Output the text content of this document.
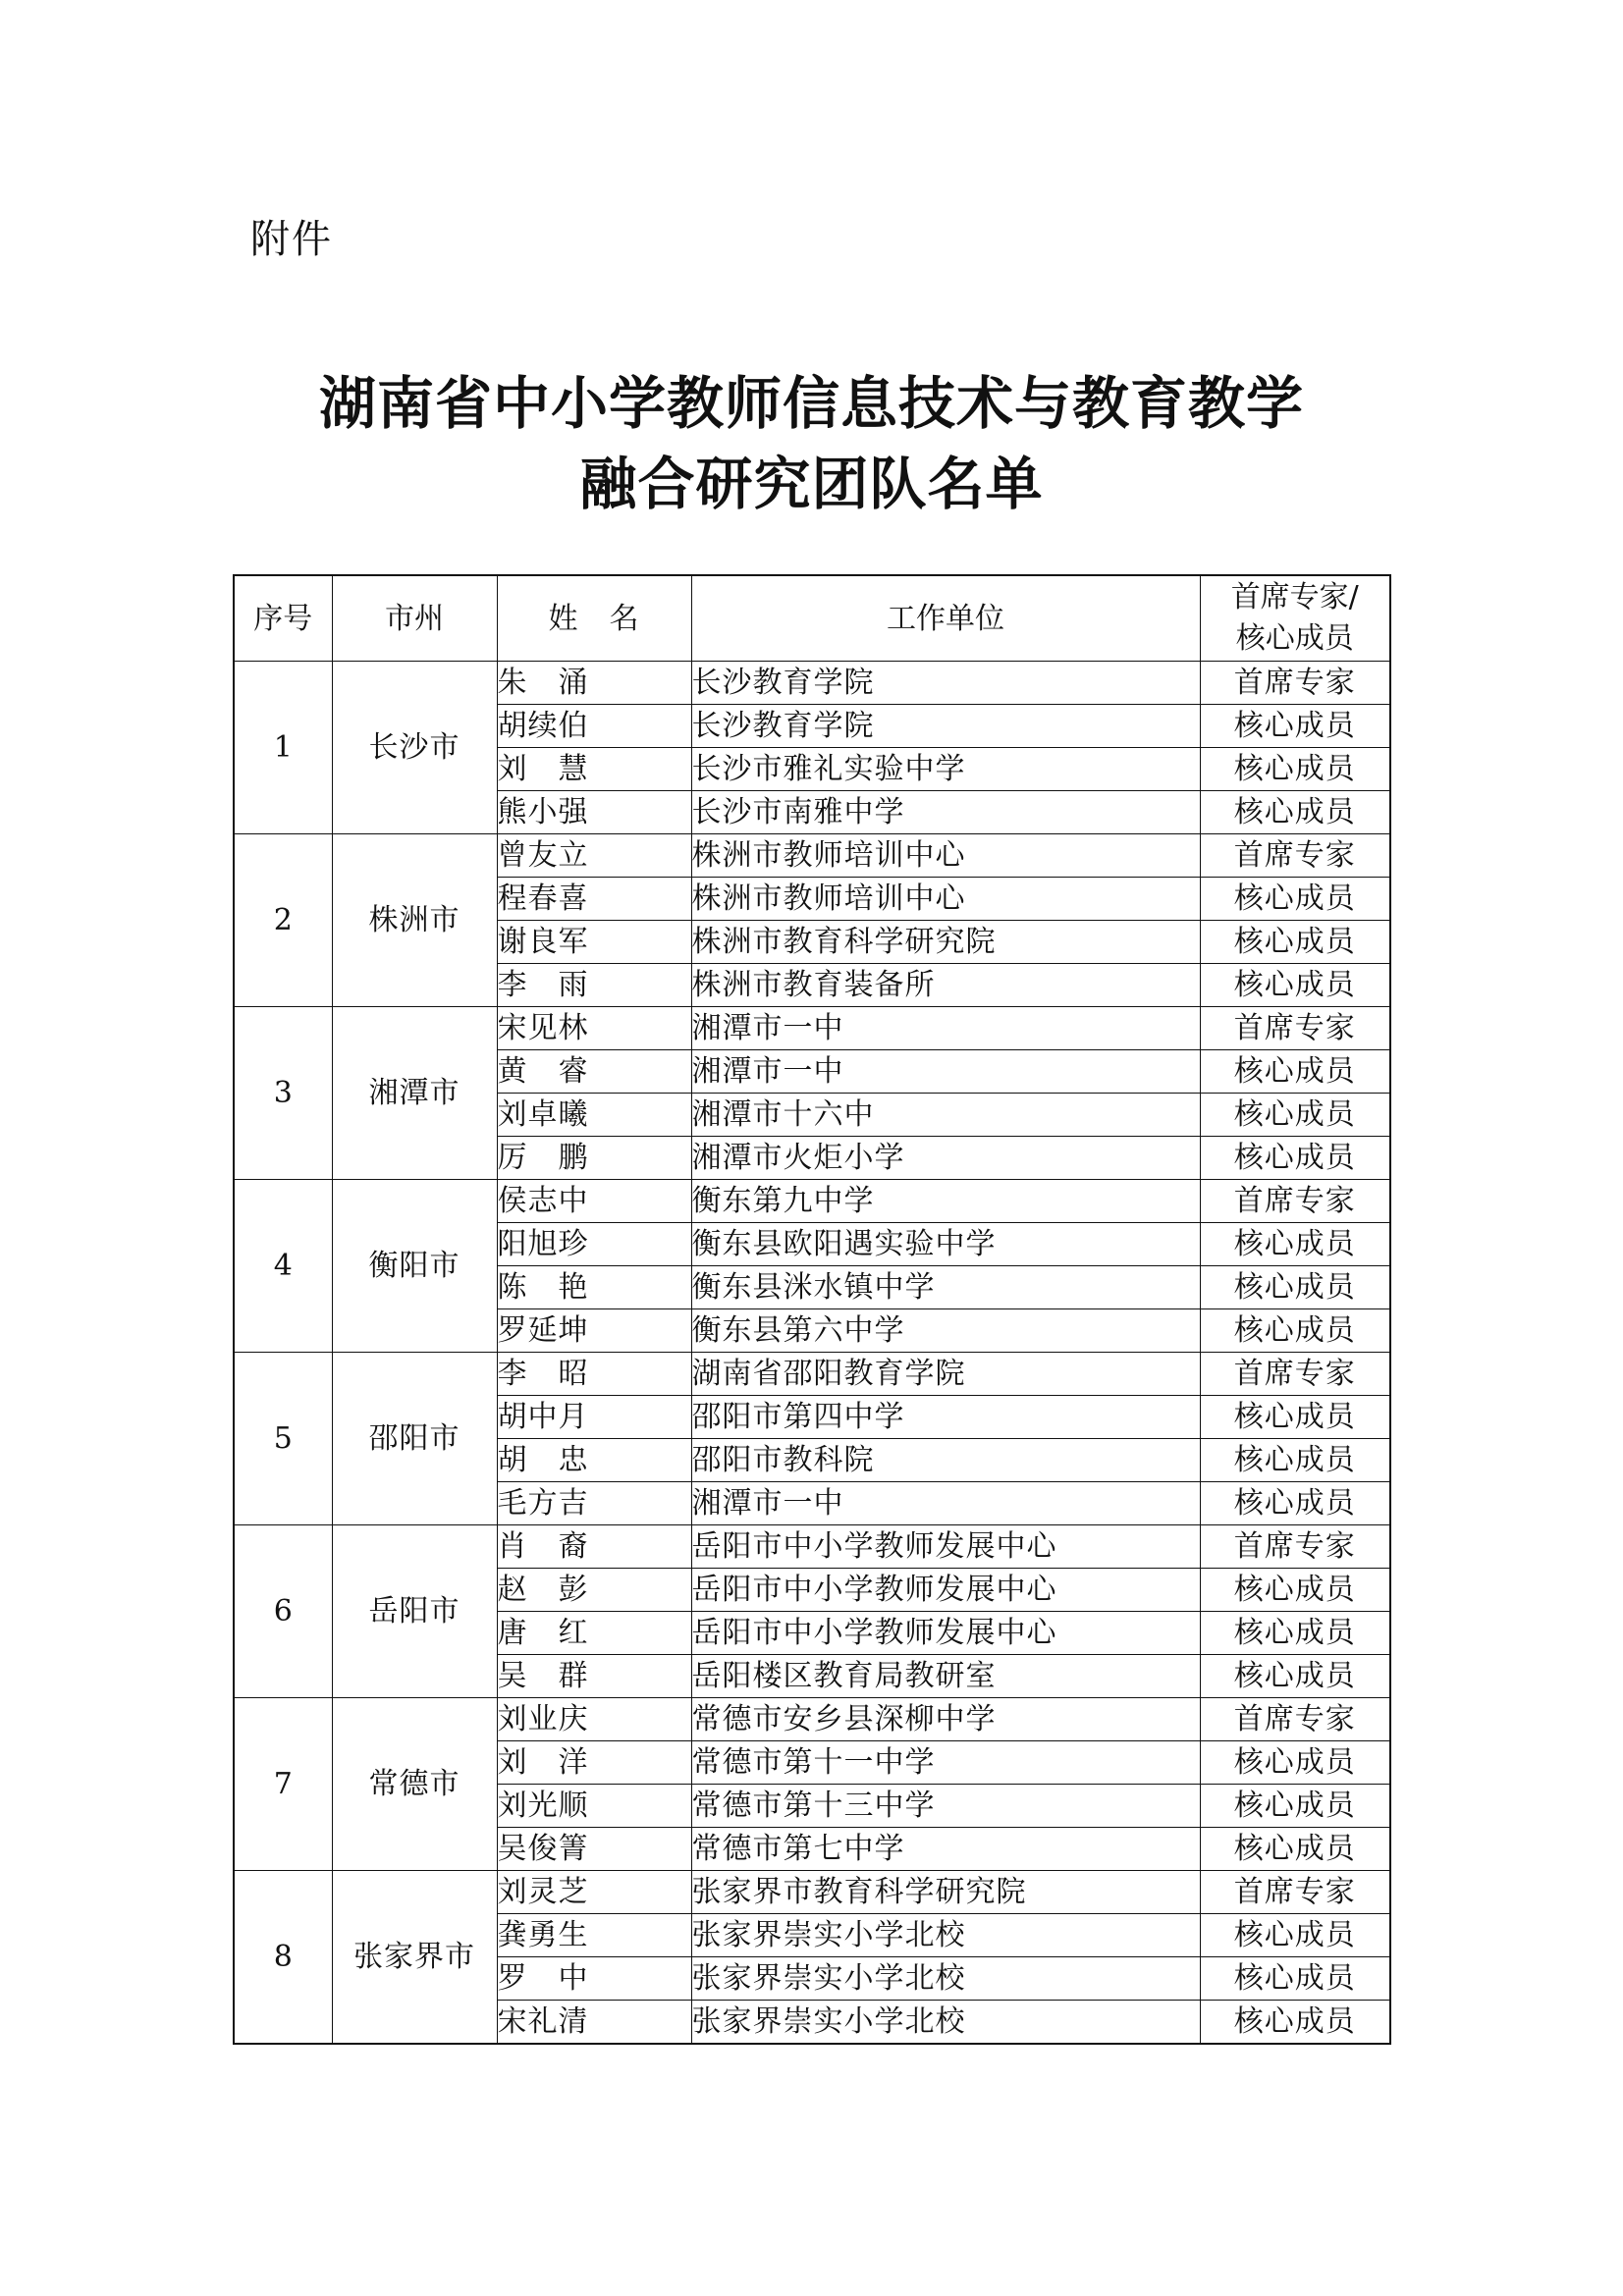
附件
湖南省中小学教师信息技术与教育教学
融合研究团队名单
序号	市州	姓　名	工作单位	首席专家/
核心成员
1	长沙市	朱　涌	长沙教育学院	首席专家
		胡续伯	长沙教育学院	核心成员
		刘　慧	长沙市雅礼实验中学	核心成员
		熊小强	长沙市南雅中学	核心成员
2	株洲市	曾友立	株洲市教师培训中心	首席专家
		程春喜	株洲市教师培训中心	核心成员
		谢良军	株洲市教育科学研究院	核心成员
		李　雨	株洲市教育装备所	核心成员
3	湘潭市	宋见林	湘潭市一中	首席专家
		黄　睿	湘潭市一中	核心成员
		刘卓曦	湘潭市十六中	核心成员
		厉　鹏	湘潭市火炬小学	核心成员
4	衡阳市	侯志中	衡东第九中学	首席专家
		阳旭珍	衡东县欧阳遇实验中学	核心成员
		陈　艳	衡东县洣水镇中学	核心成员
		罗延坤	衡东县第六中学	核心成员
5	邵阳市	李　昭	湖南省邵阳教育学院	首席专家
		胡中月	邵阳市第四中学	核心成员
		胡　忠	邵阳市教科院	核心成员
		毛方吉	湘潭市一中	核心成员
6	岳阳市	肖　裔	岳阳市中小学教师发展中心	首席专家
		赵　彭	岳阳市中小学教师发展中心	核心成员
		唐　红	岳阳市中小学教师发展中心	核心成员
		吴　群	岳阳楼区教育局教研室	核心成员
7	常德市	刘业庆	常德市安乡县深柳中学	首席专家
		刘　洋	常德市第十一中学	核心成员
		刘光顺	常德市第十三中学	核心成员
		吴俊箐	常德市第七中学	核心成员
8	张家界市	刘灵芝	张家界市教育科学研究院	首席专家
		龚勇生	张家界崇实小学北校	核心成员
		罗　中	张家界崇实小学北校	核心成员
		宋礼清	张家界崇实小学北校	核心成员
